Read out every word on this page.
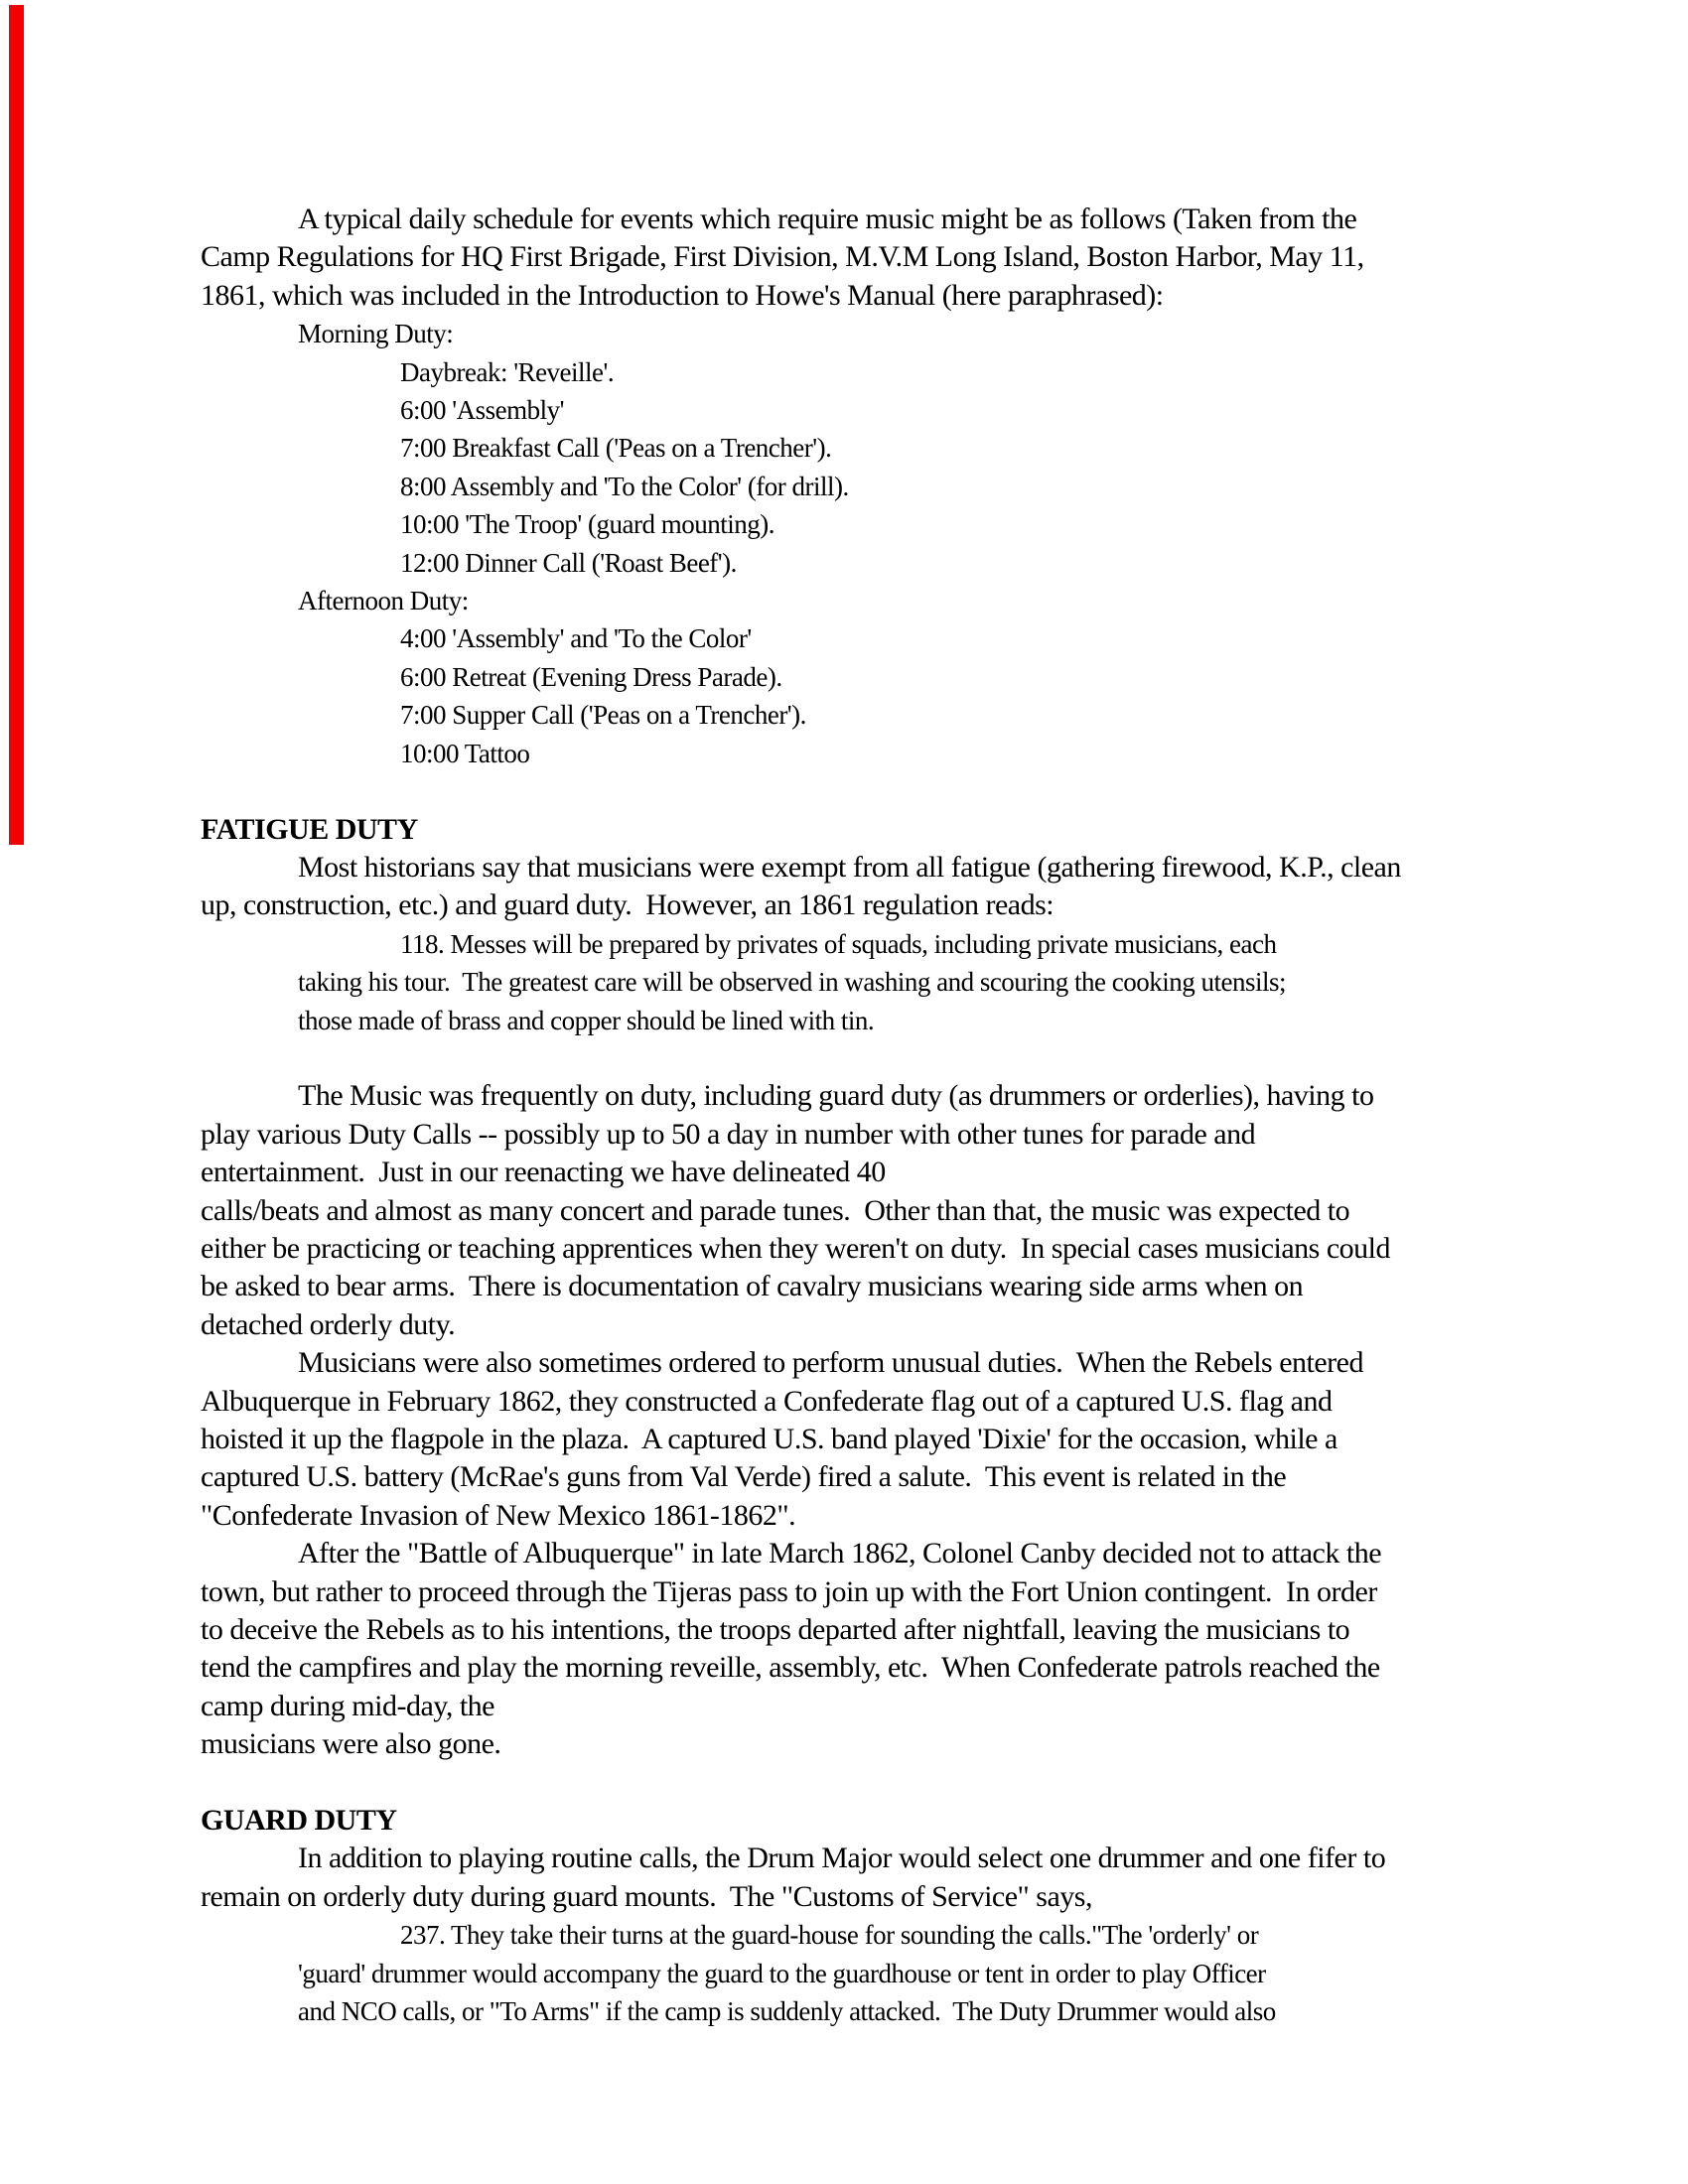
A typical daily schedule for events which require music might be as follows (Taken from the
Camp Regulations for HQ First Brigade, First Division, M.V.M Long Island, Boston Harbor, May 11,
1861, which was included in the Introduction to Howe's Manual (here paraphrased):
Morning Duty:
Daybreak: 'Reveille'.
6:00 'Assembly'
7:00 Breakfast Call ('Peas on a Trencher').
8:00 Assembly and 'To the Color' (for drill).
10:00 'The Troop' (guard mounting).
12:00 Dinner Call ('Roast Beef').
Afternoon Duty:
4:00 'Assembly' and 'To the Color'
6:00 Retreat (Evening Dress Parade).
7:00 Supper Call ('Peas on a Trencher').
10:00 Tattoo

FATIGUE DUTY
Most historians say that musicians were exempt from all fatigue (gathering firewood, K.P., clean
up, construction, etc.) and guard duty.  However, an 1861 regulation reads:
118. Messes will be prepared by privates of squads, including private musicians, each
taking his tour.  The greatest care will be observed in washing and scouring the cooking utensils;
those made of brass and copper should be lined with tin.

The Music was frequently on duty, including guard duty (as drummers or orderlies), having to
play various Duty Calls -- possibly up to 50 a day in number with other tunes for parade and
entertainment.  Just in our reenacting we have delineated 40
calls/beats and almost as many concert and parade tunes.  Other than that, the music was expected to
either be practicing or teaching apprentices when they weren't on duty.  In special cases musicians could
be asked to bear arms.  There is documentation of cavalry musicians wearing side arms when on
detached orderly duty.
Musicians were also sometimes ordered to perform unusual duties.  When the Rebels entered
Albuquerque in February 1862, they constructed a Confederate flag out of a captured U.S. flag and
hoisted it up the flagpole in the plaza.  A captured U.S. band played 'Dixie' for the occasion, while a
captured U.S. battery (McRae's guns from Val Verde) fired a salute.  This event is related in the
"Confederate Invasion of New Mexico 1861-1862".
After the "Battle of Albuquerque" in late March 1862, Colonel Canby decided not to attack the
town, but rather to proceed through the Tijeras pass to join up with the Fort Union contingent.  In order
to deceive the Rebels as to his intentions, the troops departed after nightfall, leaving the musicians to
tend the campfires and play the morning reveille, assembly, etc.  When Confederate patrols reached the
camp during mid-day, the
musicians were also gone.

GUARD DUTY
In addition to playing routine calls, the Drum Major would select one drummer and one fifer to
remain on orderly duty during guard mounts.  The "Customs of Service" says,
237. They take their turns at the guard-house for sounding the calls."The 'orderly' or
'guard' drummer would accompany the guard to the guardhouse or tent in order to play Officer
and NCO calls, or "To Arms" if the camp is suddenly attacked.  The Duty Drummer would also
